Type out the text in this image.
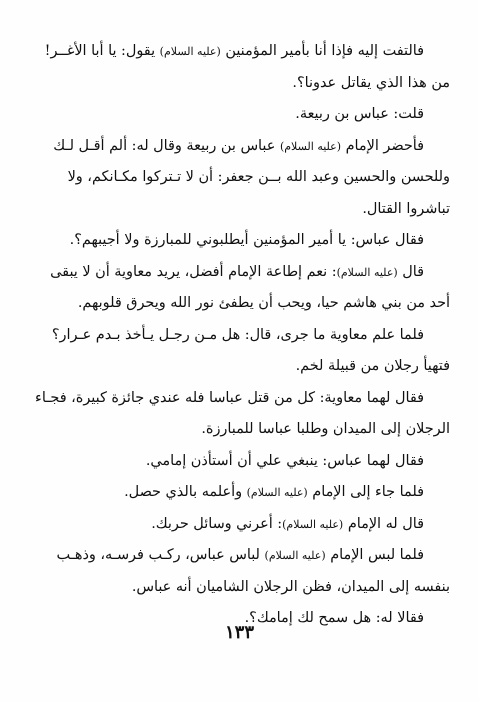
فالتفت إليه فإذا أنا بأمير المؤمنين (عليه السلام) يقول: يا أبا الأغــر!

من هذا الذي يقاتل عدونا؟.

قلت: عباس بن ربيعة.

فأحضر الإمام (عليه السلام) عباس بن ربيعة وقال له: ألم أقـل لـك

وللحسن والحسين وعبد الله بــن جعفر: أن لا تـتركوا مكـانكم، ولا

تباشروا القتال.

فقال عباس: يا أمير المؤمنين أيطلبوني للمبارزة ولا أجيبهم؟.

قال (عليه السلام): نعم إطاعة الإمام أفضل، يريد معاوية أن لا يبقى

أحد من بني هاشم حيا، ويحب أن يطفئ نور الله ويحرق قلوبهم.

فلما علم معاوية ما جرى، قال: هل مـن رجـل يـأخذ بـدم عـرار؟

فتهيأ رجلان من قبيلة لخم.

فقال لهما معاوية: كل من قتل عباسا فله عندي جائزة كبيرة، فجـاء

الرجلان إلى الميدان وطلبا عباسا للمبارزة.

فقال لهما عباس: ينبغي علي أن أستأذن إمامي.

فلما جاء إلى الإمام (عليه السلام) وأعلمه بالذي حصل.

قال له الإمام (عليه السلام): أعرني وسائل حربك.

فلما لبس الإمام (عليه السلام) لباس عباس، ركـب فرسـه، وذهـب

بنفسه إلى الميدان، فظن الرجلان الشاميان أنه عباس.

فقالا له: هل سمح لك إمامك؟.

١٣٣
